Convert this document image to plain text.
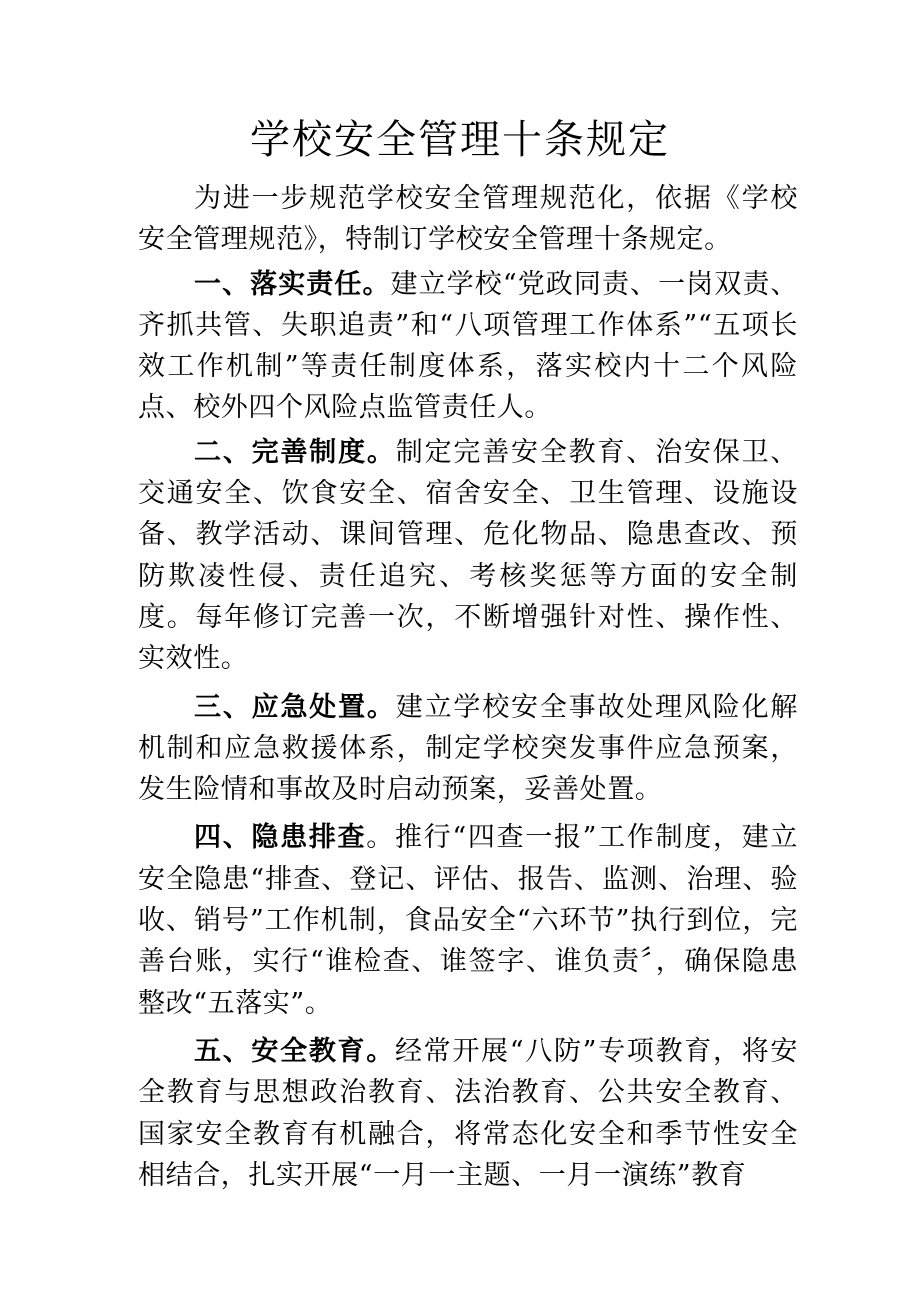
学校安全管理十条规定

为进一步规范学校安全管理规范化，依据《学校安全管理规范》，特制订学校安全管理十条规定。

一、落实责任。建立学校“党政同责、一岗双责、齐抓共管、失职追责”和“八项管理工作体系”“五项长效工作机制”等责任制度体系，落实校内十二个风险点、校外四个风险点监管责任人。

二、完善制度。制定完善安全教育、治安保卫、交通安全、饮食安全、宿舍安全、卫生管理、设施设备、教学活动、课间管理、危化物品、隐患查改、预防欺凌性侵、责任追究、考核奖惩等方面的安全制度。每年修订完善一次，不断增强针对性、操作性、实效性。

三、应急处置。建立学校安全事故处理风险化解机制和应急救援体系，制定学校突发事件应急预案，发生险情和事故及时启动预案，妥善处置。

四、隐患排查。推行“四查一报”工作制度，建立安全隐患“排查、登记、评估、报告、监测、治理、验收、销号”工作机制，食品安全“六环节”执行到位，完善台账，实行“谁检查、谁签字、谁负责〞，确保隐患整改“五落实”。

五、安全教育。经常开展“八防”专项教育，将安全教育与思想政治教育、法治教育、公共安全教育、国家安全教育有机融合，将常态化安全和季节性安全相结合，扎实开展“一月一主题、一月一演练”教育
